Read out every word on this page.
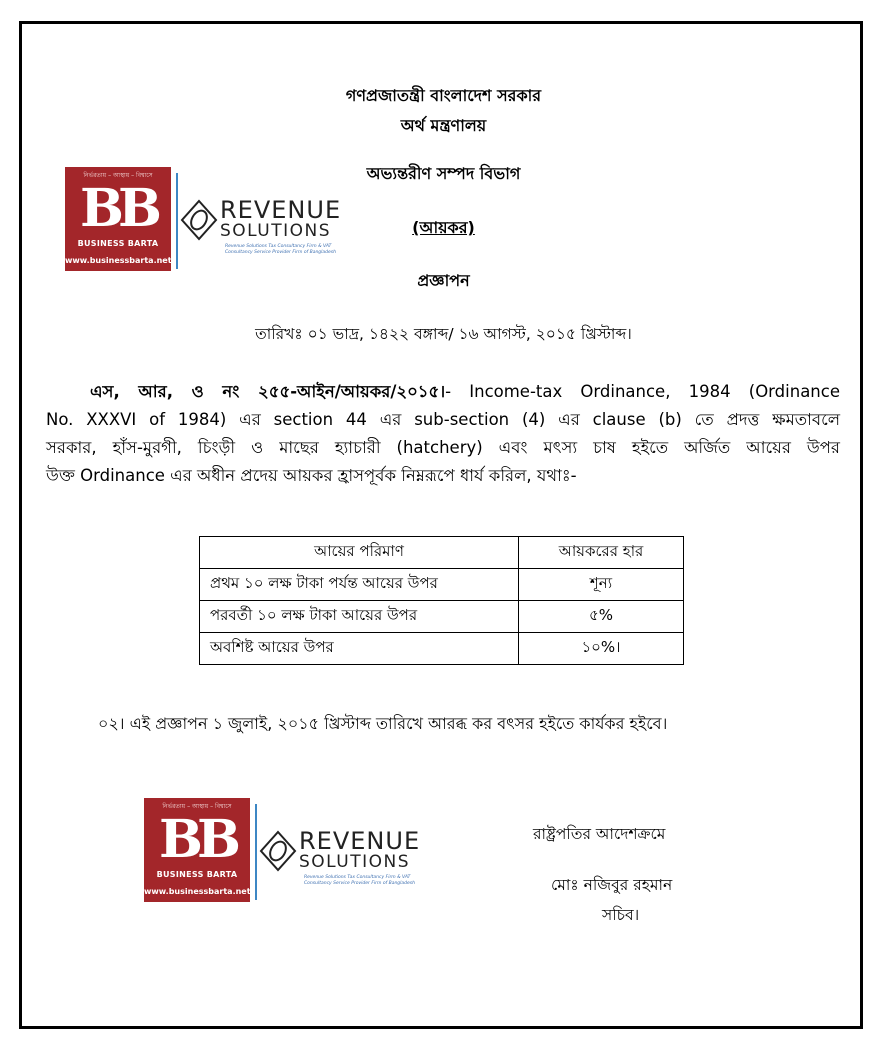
গণপ্রজাতন্ত্রী বাংলাদেশ সরকার
অর্থ মন্ত্রণালয়
অভ্যন্তরীণ সম্পদ বিভাগ
(আয়কর)
প্রজ্ঞাপন
তারিখঃ ০১ ভাদ্র, ১৪২২ বঙ্গাব্দ/ ১৬ আগস্ট, ২০১৫ খ্রিস্টাব্দ।
নির্ভরতায় – আস্থায় – বিশ্বাসে
BB
BUSINESS BARTA
www.businessbarta.net
REVENUE
SOLUTIONS
Revenue Solutions Tax Consultancy Firm & VAT Consultancy Service Provider Firm of Bangladesh
এস, আর, ও নং ২৫৫-আইন/আয়কর/২০১৫।- Income-tax Ordinance, 1984 (Ordinance
No. XXXVI of 1984) এর section 44 এর sub-section (4) এর clause (b) তে প্রদত্ত ক্ষমতাবলে
সরকার, হাঁস-মুরগী, চিংড়ী ও মাছের হ্যাচারী (hatchery) এবং মৎস্য চাষ হইতে অর্জিত আয়ের উপর
উক্ত Ordinance এর অধীন প্রদেয় আয়কর হ্রাসপূর্বক নিম্নরূপে ধার্য করিল, যথাঃ-
আয়ের পরিমাণ	আয়করের হার
প্রথম ১০ লক্ষ টাকা পর্যন্ত আয়ের উপর	শূন্য
পরবর্তী ১০ লক্ষ টাকা আয়ের উপর	৫%
অবশিষ্ট আয়ের উপর	১০%।
০২। এই প্রজ্ঞাপন ১ জুলাই, ২০১৫ খ্রিস্টাব্দ তারিখে আরব্ধ কর বৎসর হইতে কার্যকর হইবে।
নির্ভরতায় – আস্থায় – বিশ্বাসে
BB
BUSINESS BARTA
www.businessbarta.net
REVENUE
SOLUTIONS
Revenue Solutions Tax Consultancy Firm & VAT Consultancy Service Provider Firm of Bangladesh
রাষ্ট্রপতির আদেশক্রমে
মোঃ নজিবুর রহমান
সচিব।
